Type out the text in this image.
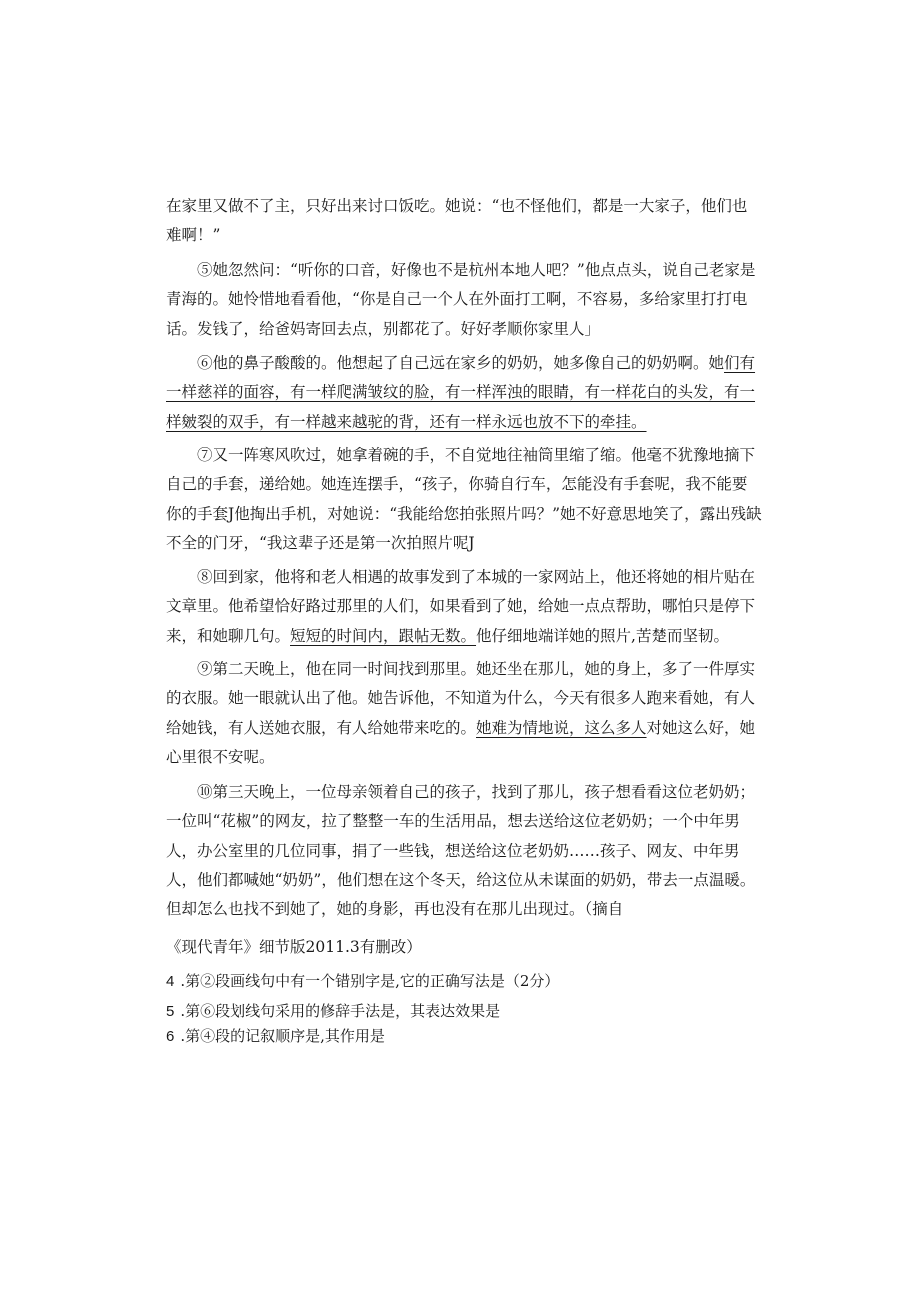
在家里又做不了主，只好出来讨口饭吃。她说：“也不怪他们，都是一大家子，他们也难啊！”

⑤她忽然问：“听你的口音，好像也不是杭州本地人吧？”他点点头，说自己老家是青海的。她怜惜地看看他，“你是自己一个人在外面打工啊，不容易，多给家里打打电话。发钱了，给爸妈寄回去点，别都花了。好好孝顺你家里人」

⑥他的鼻子酸酸的。他想起了自己远在家乡的奶奶，她多像自己的奶奶啊。她们有一样慈祥的面容，有一样爬满皱纹的脸，有一样浑浊的眼睛，有一样花白的头发，有一样皴裂的双手，有一样越来越驼的背，还有一样永远也放不下的牵挂。

⑦又一阵寒风吹过，她拿着碗的手，不自觉地往袖筒里缩了缩。他毫不犹豫地摘下自己的手套，递给她。她连连摆手，“孩子，你骑自行车，怎能没有手套呢，我不能要你的手套J他掏出手机，对她说：“我能给您拍张照片吗？”她不好意思地笑了，露出残缺不全的门牙，“我这辈子还是第一次拍照片呢J

⑧回到家，他将和老人相遇的故事发到了本城的一家网站上，他还将她的相片贴在文章里。他希望恰好路过那里的人们，如果看到了她，给她一点点帮助，哪怕只是停下来，和她聊几句。短短的时间内，跟帖无数。他仔细地端详她的照片,苦楚而坚韧。

⑨第二天晚上，他在同一时间找到那里。她还坐在那儿，她的身上，多了一件厚实的衣服。她一眼就认出了他。她告诉他，不知道为什么，今天有很多人跑来看她，有人给她钱，有人送她衣服，有人给她带来吃的。她难为情地说，这么多人对她这么好，她心里很不安呢。

⑩第三天晚上，一位母亲领着自己的孩子，找到了那儿，孩子想看看这位老奶奶；一位叫“花椒”的网友，拉了整整一车的生活用品，想去送给这位老奶奶；一个中年男人，办公室里的几位同事，捐了一些钱，想送给这位老奶奶……孩子、网友、中年男人，他们都喊她“奶奶”，他们想在这个冬天，给这位从未谋面的奶奶，带去一点温暖。但却怎么也找不到她了，她的身影，再也没有在那儿出现过。（摘自

《现代青年》细节版2011.3有删改）
4 .第②段画线句中有一个错别字是,它的正确写法是（2分）
5 .第⑥段划线句采用的修辞手法是，其表达效果是
6 .第④段的记叙顺序是,其作用是
